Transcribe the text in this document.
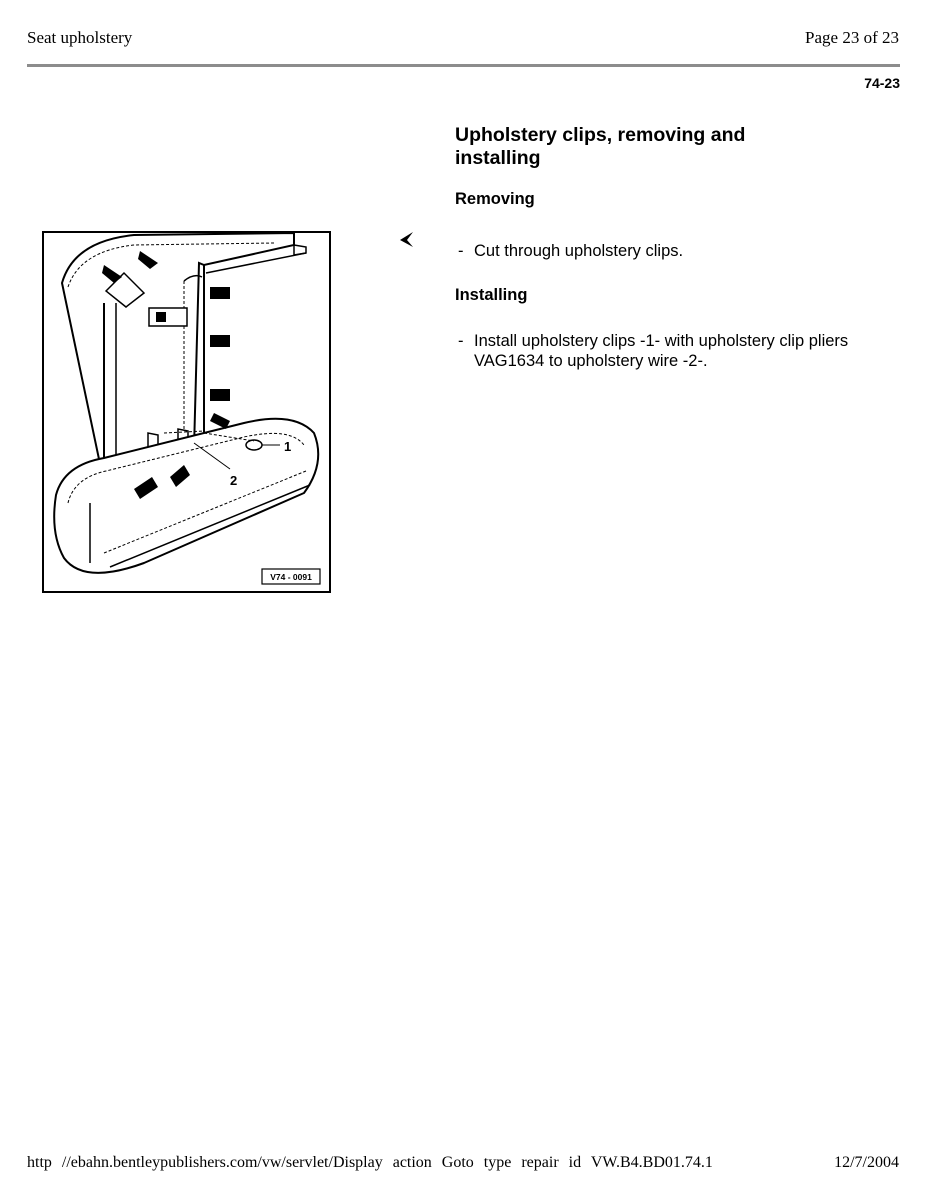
Seat upholstery	Page 23 of 23
74-23
Upholstery clips, removing and installing
Removing
- Cut through upholstery clips.
Installing
- Install upholstery clips -1- with upholstery clip pliers VAG1634 to upholstery wire -2-.
1
2
V74 - 0091
http //ebahn.bentleypublishers.com/vw/servlet/Display action Goto type repair id VW.B4.BD01.74.1	12/7/2004
